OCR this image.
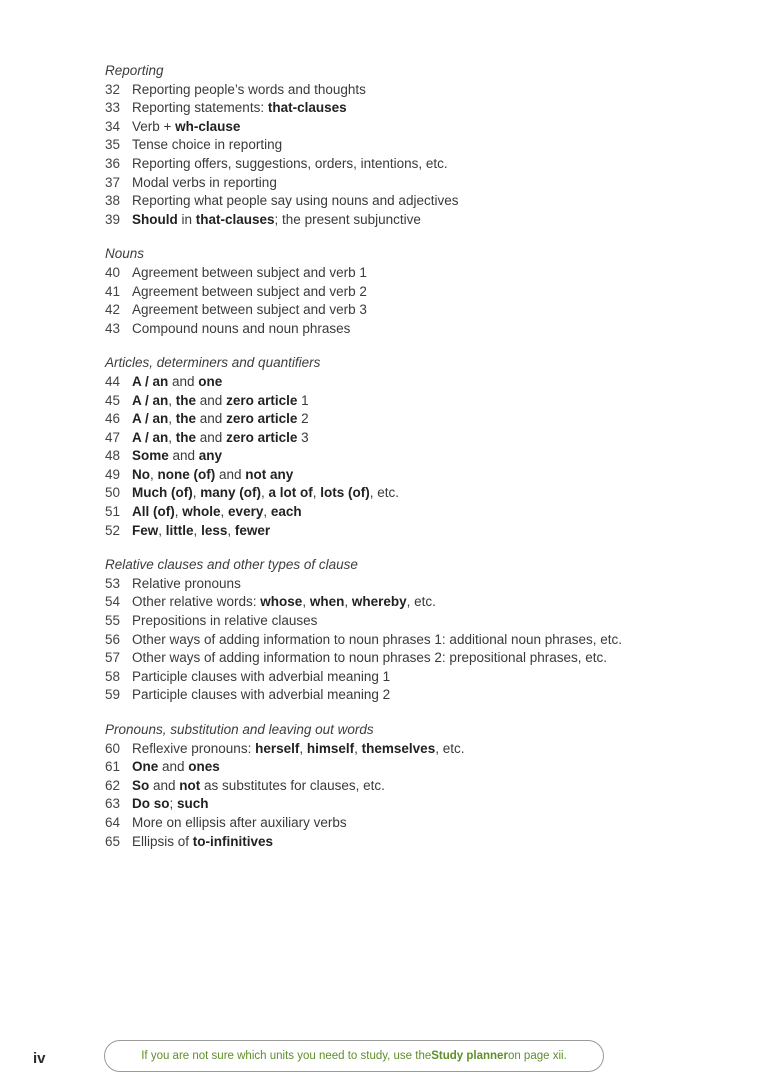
Reporting

32 Reporting people’s words and thoughts
33 Reporting statements: that-clauses
34 Verb + wh-clause
35 Tense choice in reporting
36 Reporting offers, suggestions, orders, intentions, etc.
37 Modal verbs in reporting
38 Reporting what people say using nouns and adjectives
39 Should in that-clauses; the present subjunctive

Nouns

40 Agreement between subject and verb 1
41 Agreement between subject and verb 2
42 Agreement between subject and verb 3
43 Compound nouns and noun phrases

Articles, determiners and quantifiers

44 A / an and one
45 A / an, the and zero article 1
46 A / an, the and zero article 2
47 A / an, the and zero article 3
48 Some and any
49 No, none (of) and not any
50 Much (of), many (of), a lot of, lots (of), etc.
51 All (of), whole, every, each
52 Few, little, less, fewer

Relative clauses and other types of clause

53 Relative pronouns
54 Other relative words: whose, when, whereby, etc.
55 Prepositions in relative clauses
56 Other ways of adding information to noun phrases 1: additional noun phrases, etc.
57 Other ways of adding information to noun phrases 2: prepositional phrases, etc.
58 Participle clauses with adverbial meaning 1
59 Participle clauses with adverbial meaning 2

Pronouns, substitution and leaving out words

60 Reflexive pronouns: herself, himself, themselves, etc.
61 One and ones
62 So and not as substitutes for clauses, etc.
63 Do so; such
64 More on ellipsis after auxiliary verbs
65 Ellipsis of to-infinitives
iv	If you are not sure which units you need to study, use the Study planner on page xii.
